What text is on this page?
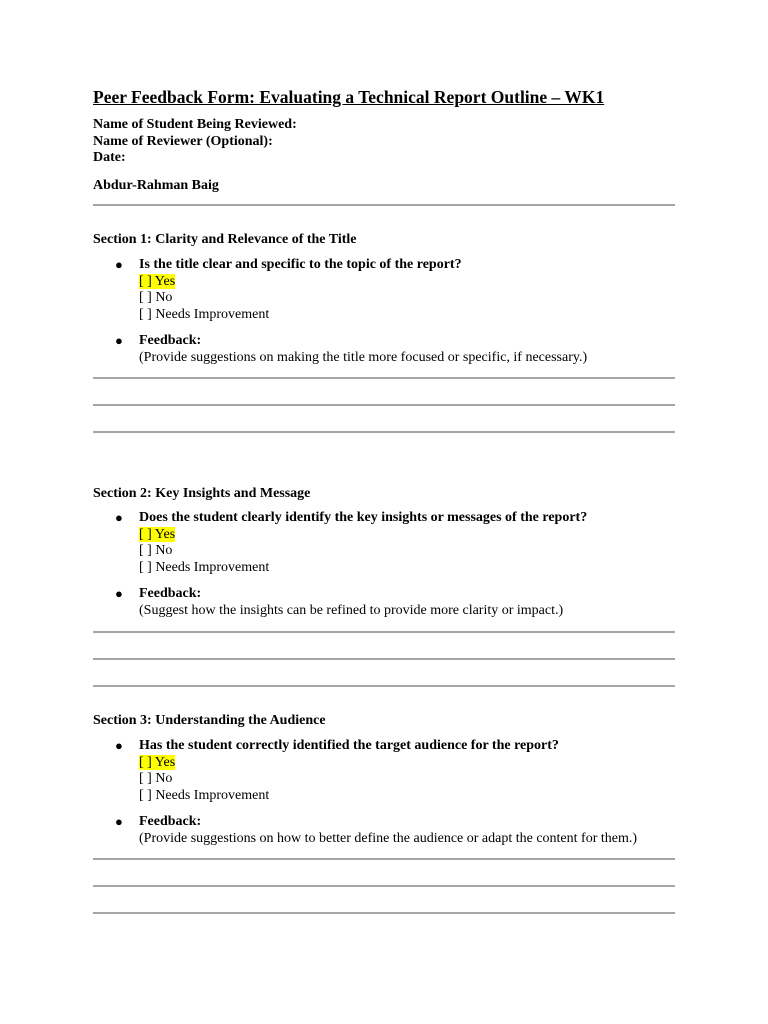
Peer Feedback Form: Evaluating a Technical Report Outline – WK1
Name of Student Being Reviewed:
Name of Reviewer (Optional):
Date:
Abdur-Rahman Baig
Section 1: Clarity and Relevance of the Title
● Is the title clear and specific to the topic of the report?
[ ] Yes
[ ] No
[ ] Needs Improvement
● Feedback:
(Provide suggestions on making the title more focused or specific, if necessary.)
Section 2: Key Insights and Message
● Does the student clearly identify the key insights or messages of the report?
[ ] Yes
[ ] No
[ ] Needs Improvement
● Feedback:
(Suggest how the insights can be refined to provide more clarity or impact.)
Section 3: Understanding the Audience
● Has the student correctly identified the target audience for the report?
[ ] Yes
[ ] No
[ ] Needs Improvement
● Feedback:
(Provide suggestions on how to better define the audience or adapt the content for them.)
